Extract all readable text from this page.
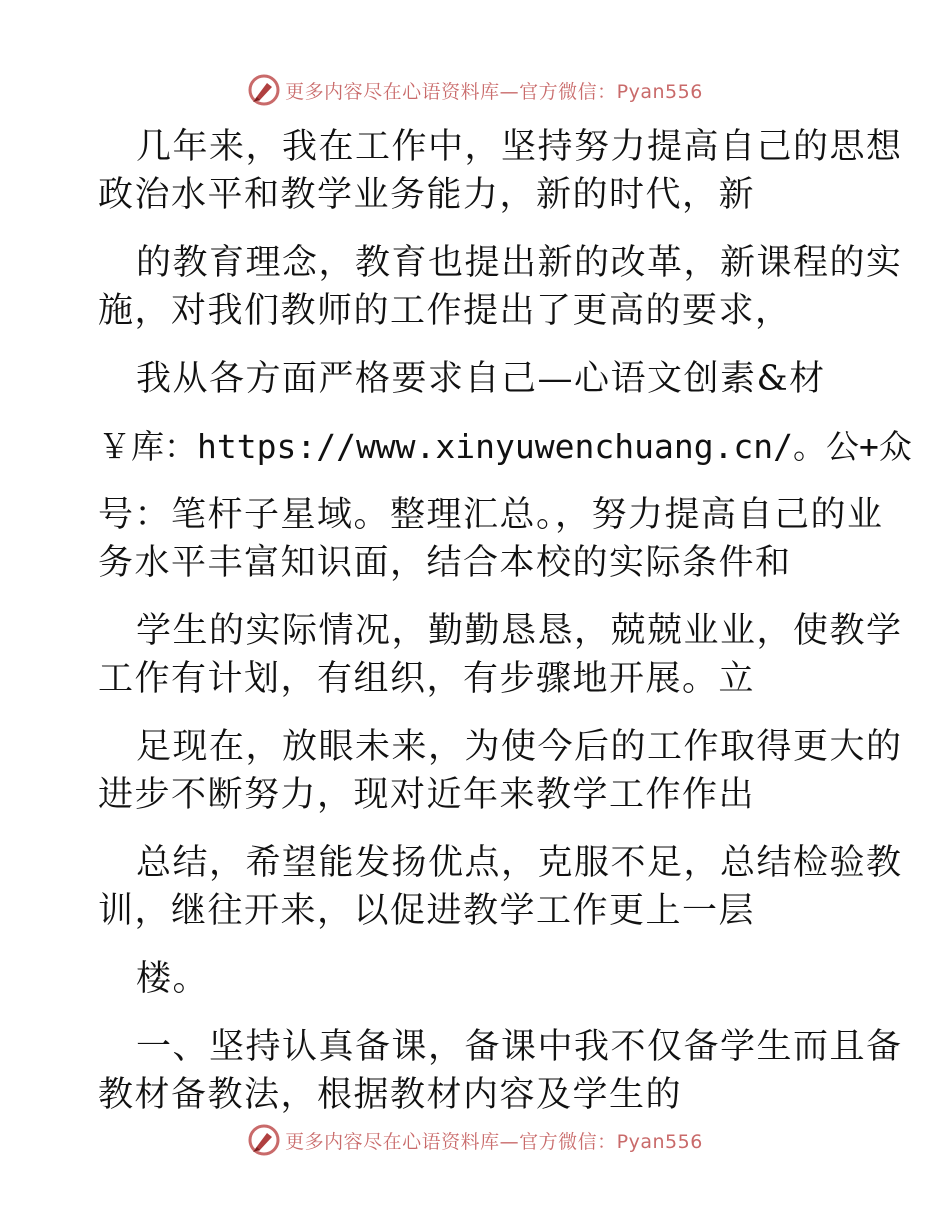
更多内容尽在心语资料库—官方微信：Pyan556
几年来，我在工作中，坚持努力提高自己的思想
政治水平和教学业务能力，新的时代，新
的教育理念，教育也提出新的改革，新课程的实
施，对我们教师的工作提出了更高的要求，
我从各方面严格要求自己—心语文创素&材
￥库：https://www.xinyuwenchuang.cn/。公+众
号：笔杆子星域。整理汇总。，努力提高自己的业
务水平丰富知识面，结合本校的实际条件和
学生的实际情况，勤勤恳恳，兢兢业业，使教学
工作有计划，有组织，有步骤地开展。立
足现在，放眼未来，为使今后的工作取得更大的
进步不断努力，现对近年来教学工作作出
总结，希望能发扬优点，克服不足，总结检验教
训，继往开来，以促进教学工作更上一层
楼。
一、坚持认真备课，备课中我不仅备学生而且备
教材备教法，根据教材内容及学生的
更多内容尽在心语资料库—官方微信：Pyan556
